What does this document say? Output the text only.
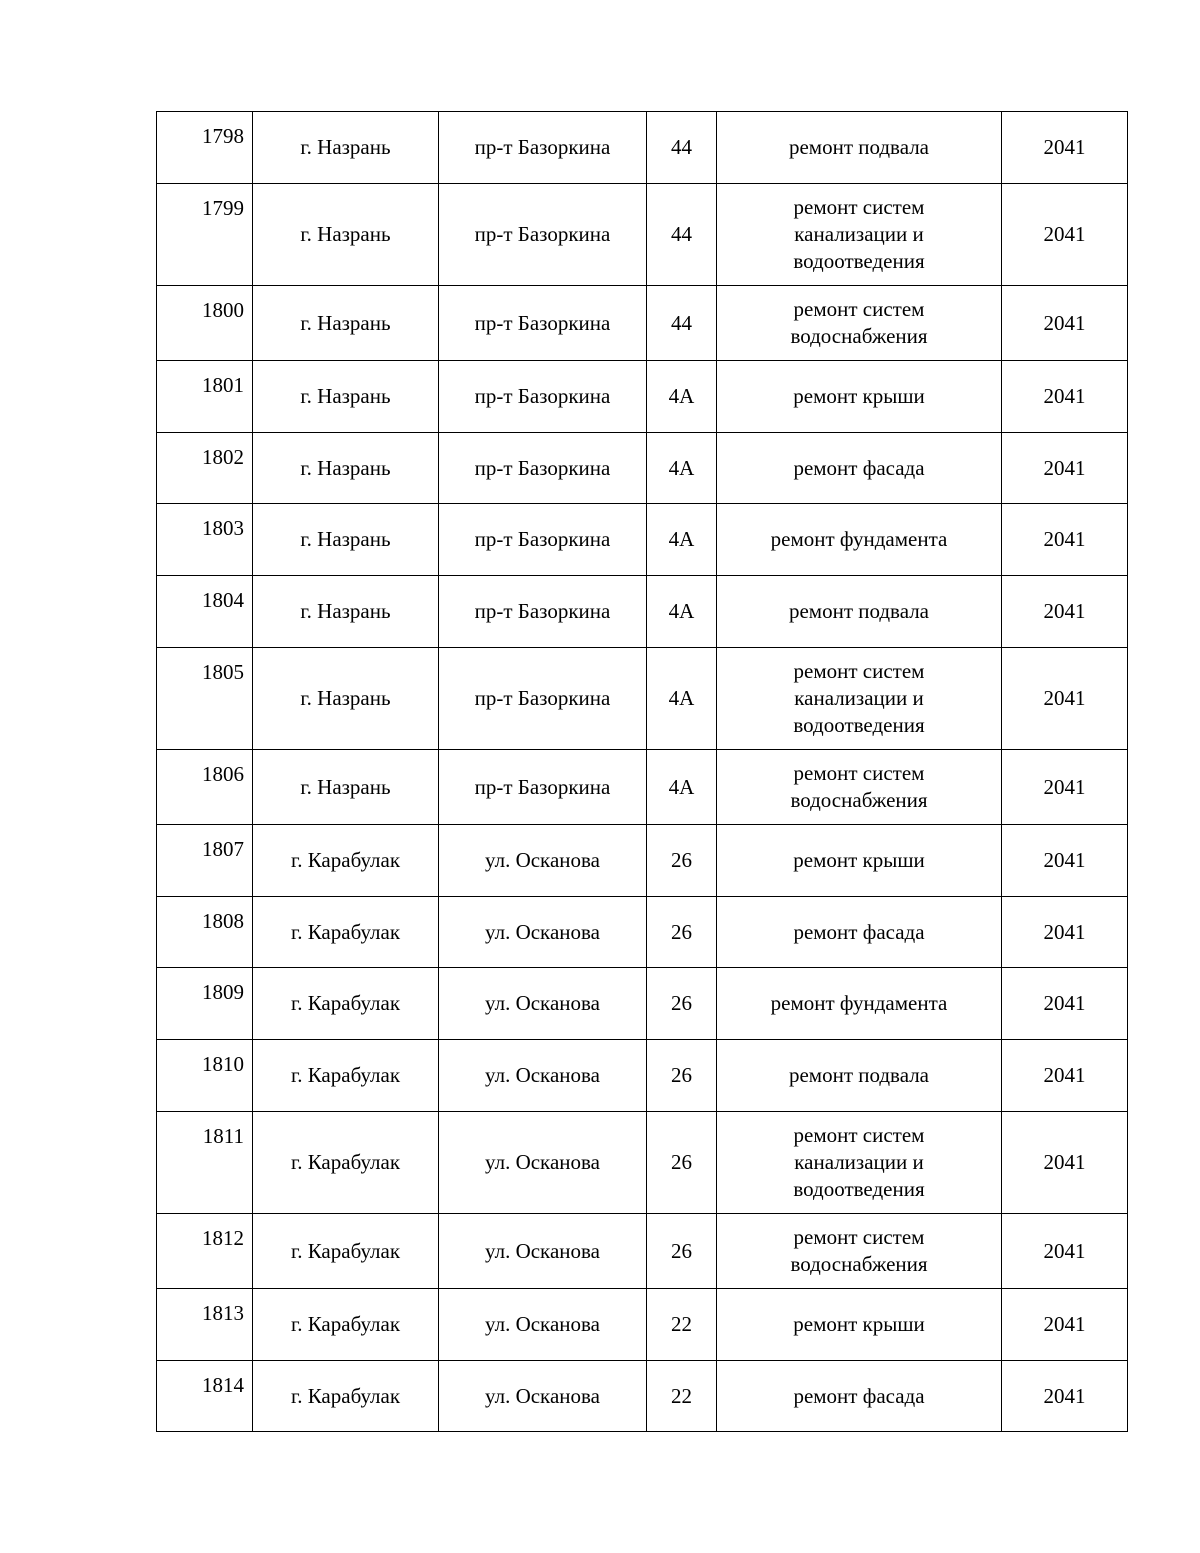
1798	г. Назрань	пр-т Базоркина	44	ремонт подвала	2041
1799	г. Назрань	пр-т Базоркина	44	ремонт систем
канализации и
водоотведения	2041
1800	г. Назрань	пр-т Базоркина	44	ремонт систем
водоснабжения	2041
1801	г. Назрань	пр-т Базоркина	4А	ремонт крыши	2041
1802	г. Назрань	пр-т Базоркина	4А	ремонт фасада	2041
1803	г. Назрань	пр-т Базоркина	4А	ремонт фундамента	2041
1804	г. Назрань	пр-т Базоркина	4А	ремонт подвала	2041
1805	г. Назрань	пр-т Базоркина	4А	ремонт систем
канализации и
водоотведения	2041
1806	г. Назрань	пр-т Базоркина	4А	ремонт систем
водоснабжения	2041
1807	г. Карабулак	ул. Осканова	26	ремонт крыши	2041
1808	г. Карабулак	ул. Осканова	26	ремонт фасада	2041
1809	г. Карабулак	ул. Осканова	26	ремонт фундамента	2041
1810	г. Карабулак	ул. Осканова	26	ремонт подвала	2041
1811	г. Карабулак	ул. Осканова	26	ремонт систем
канализации и
водоотведения	2041
1812	г. Карабулак	ул. Осканова	26	ремонт систем
водоснабжения	2041
1813	г. Карабулак	ул. Осканова	22	ремонт крыши	2041
1814	г. Карабулак	ул. Осканова	22	ремонт фасада	2041
